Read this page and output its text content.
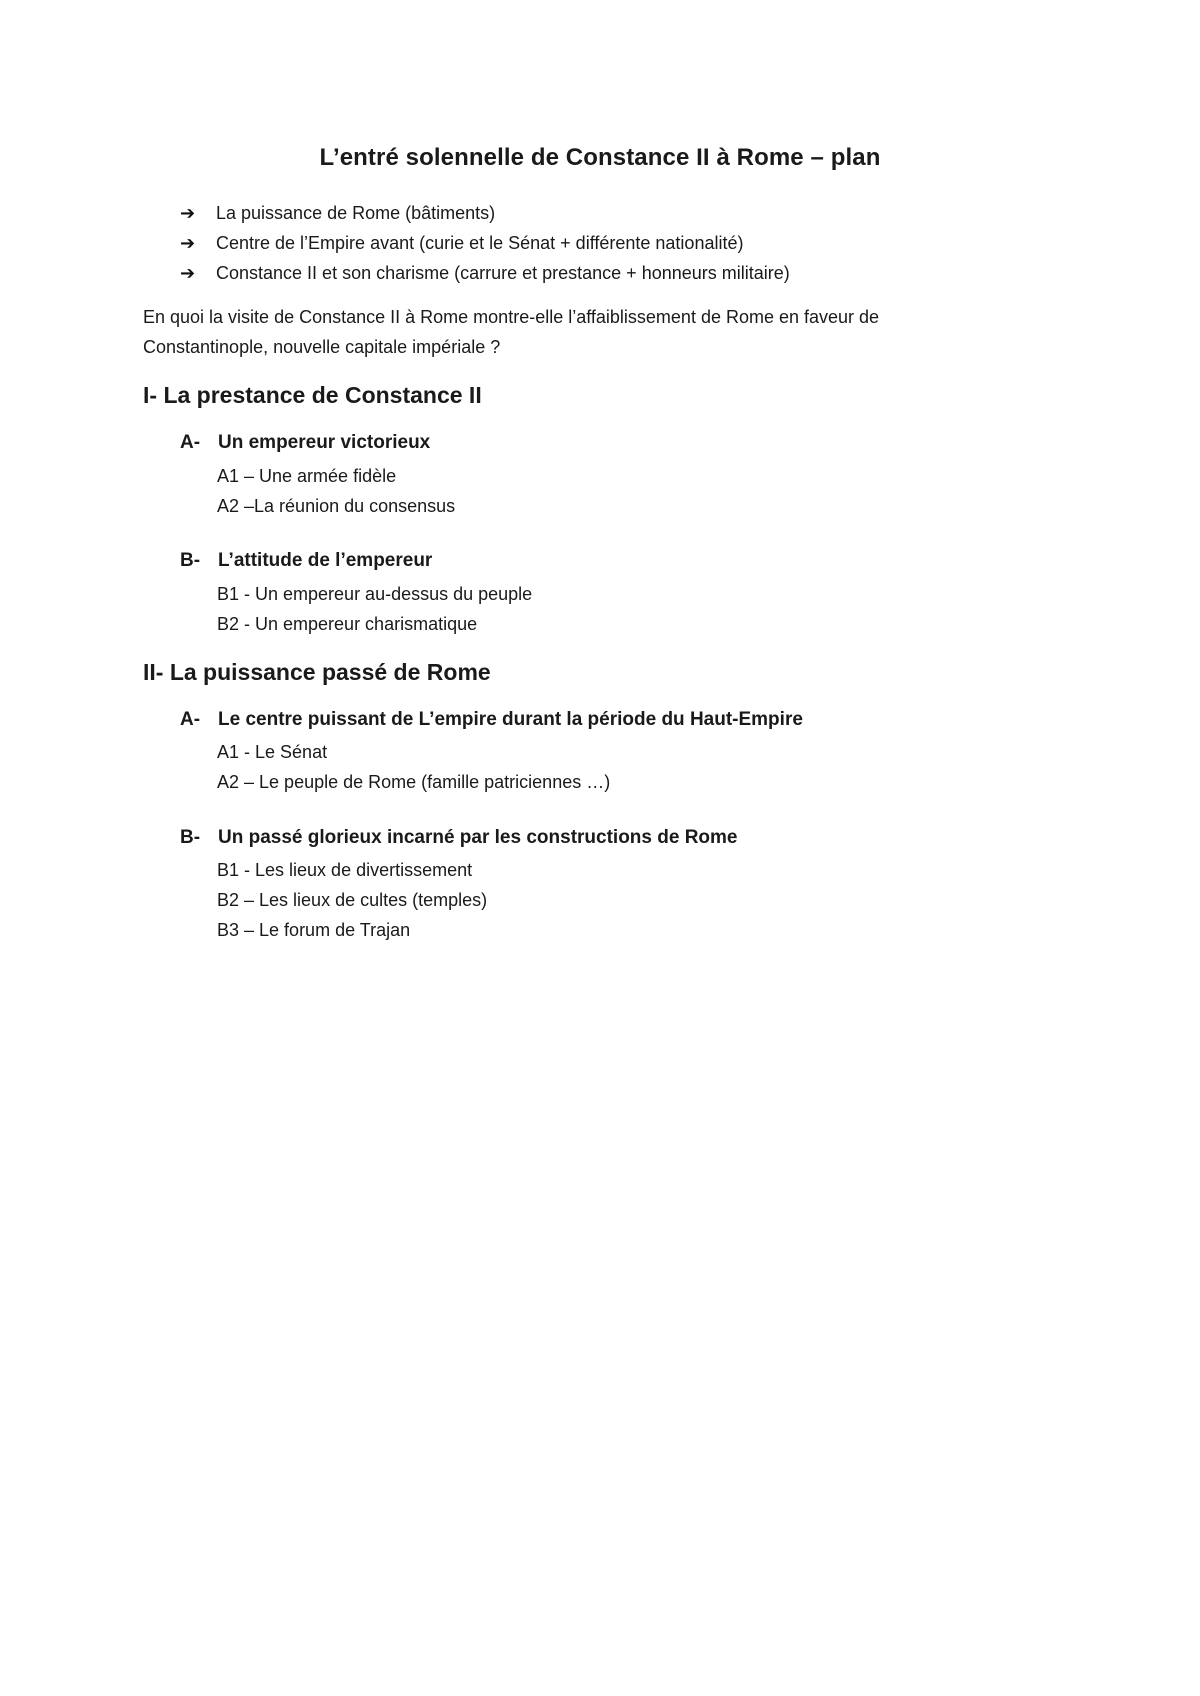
L’entré solennelle de Constance II à Rome – plan
➔ La puissance de Rome (bâtiments)
➔ Centre de l’Empire avant (curie et le Sénat + différente nationalité)
➔ Constance II et son charisme (carrure et prestance + honneurs militaire)
En quoi la visite de Constance II à Rome montre-elle l’affaiblissement de Rome en faveur de Constantinople, nouvelle capitale impériale ?
I- La prestance de Constance II
A- Un empereur victorieux
A1 – Une armée fidèle
A2 –La réunion du consensus
B- L’attitude de l’empereur
B1 - Un empereur au-dessus du peuple
B2 - Un empereur charismatique
II- La puissance passé de Rome
A- Le centre puissant de L’empire durant la période du Haut-Empire
A1 - Le Sénat
A2 – Le peuple de Rome (famille patriciennes …)
B- Un passé glorieux incarné par les constructions de Rome
B1 - Les lieux de divertissement
B2 – Les lieux de cultes (temples)
B3 – Le forum de Trajan
